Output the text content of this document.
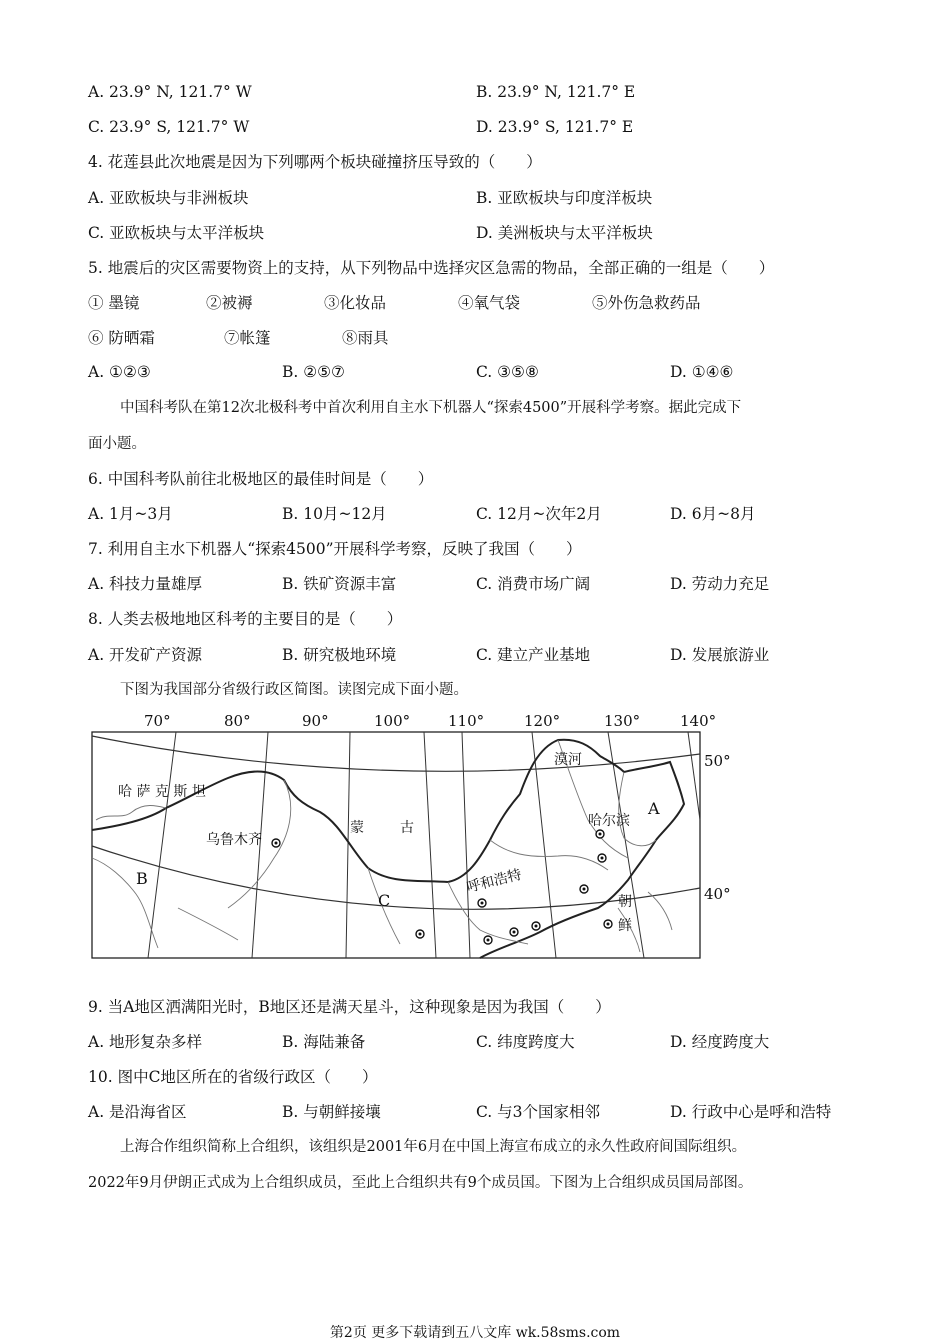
A. 23.9° N, 121.7° W	B. 23.9° N, 121.7° E
C. 23.9° S, 121.7° W	D. 23.9° S, 121.7° E
4. 花莲县此次地震是因为下列哪两个板块碰撞挤压导致的（　　）
A. 亚欧板块与非洲板块	B. 亚欧板块与印度洋板块
C. 亚欧板块与太平洋板块	D. 美洲板块与太平洋板块
5. 地震后的灾区需要物资上的支持，从下列物品中选择灾区急需的物品，全部正确的一组是（　　）
① 墨镜	②被褥	③化妆品	④氧气袋	⑤外伤急救药品
⑥ 防晒霜	⑦帐篷	⑧雨具
A. ①②③	B. ②⑤⑦	C. ③⑤⑧	D. ①④⑥
中国科考队在第12次北极科考中首次利用自主水下机器人“探索4500”开展科学考察。据此完成下
面小题。
6. 中国科考队前往北极地区的最佳时间是（　　）
A. 1月~3月	B. 10月~12月	C. 12月~次年2月	D. 6月~8月
7. 利用自主水下机器人“探索4500”开展科学考察，反映了我国（　　）
A. 科技力量雄厚	B. 铁矿资源丰富	C. 消费市场广阔	D. 劳动力充足
8. 人类去极地地区科考的主要目的是（　　）
A. 开发矿产资源	B. 研究极地环境	C. 建立产业基地	D. 发展旅游业
下图为我国部分省级行政区简图。读图完成下面小题。
70°	80°	90°	100°	110°	120°	130°	140°
50°
40°
哈 萨 克 斯 坦
蒙	古
漠河
哈尔滨
乌鲁木齐
呼和浩特
朝
鲜
A
B
C
9. 当A地区洒满阳光时，B地区还是满天星斗，这种现象是因为我国（　　）
A. 地形复杂多样	B. 海陆兼备	C. 纬度跨度大	D. 经度跨度大
10. 图中C地区所在的省级行政区（　　）
A. 是沿海省区	B. 与朝鲜接壤	C. 与3个国家相邻	D. 行政中心是呼和浩特
上海合作组织简称上合组织，该组织是2001年6月在中国上海宣布成立的永久性政府间国际组织。
2022年9月伊朗正式成为上合组织成员，至此上合组织共有9个成员国。下图为上合组织成员国局部图。
第2页 更多下载请到五八文库 wk.58sms.com
